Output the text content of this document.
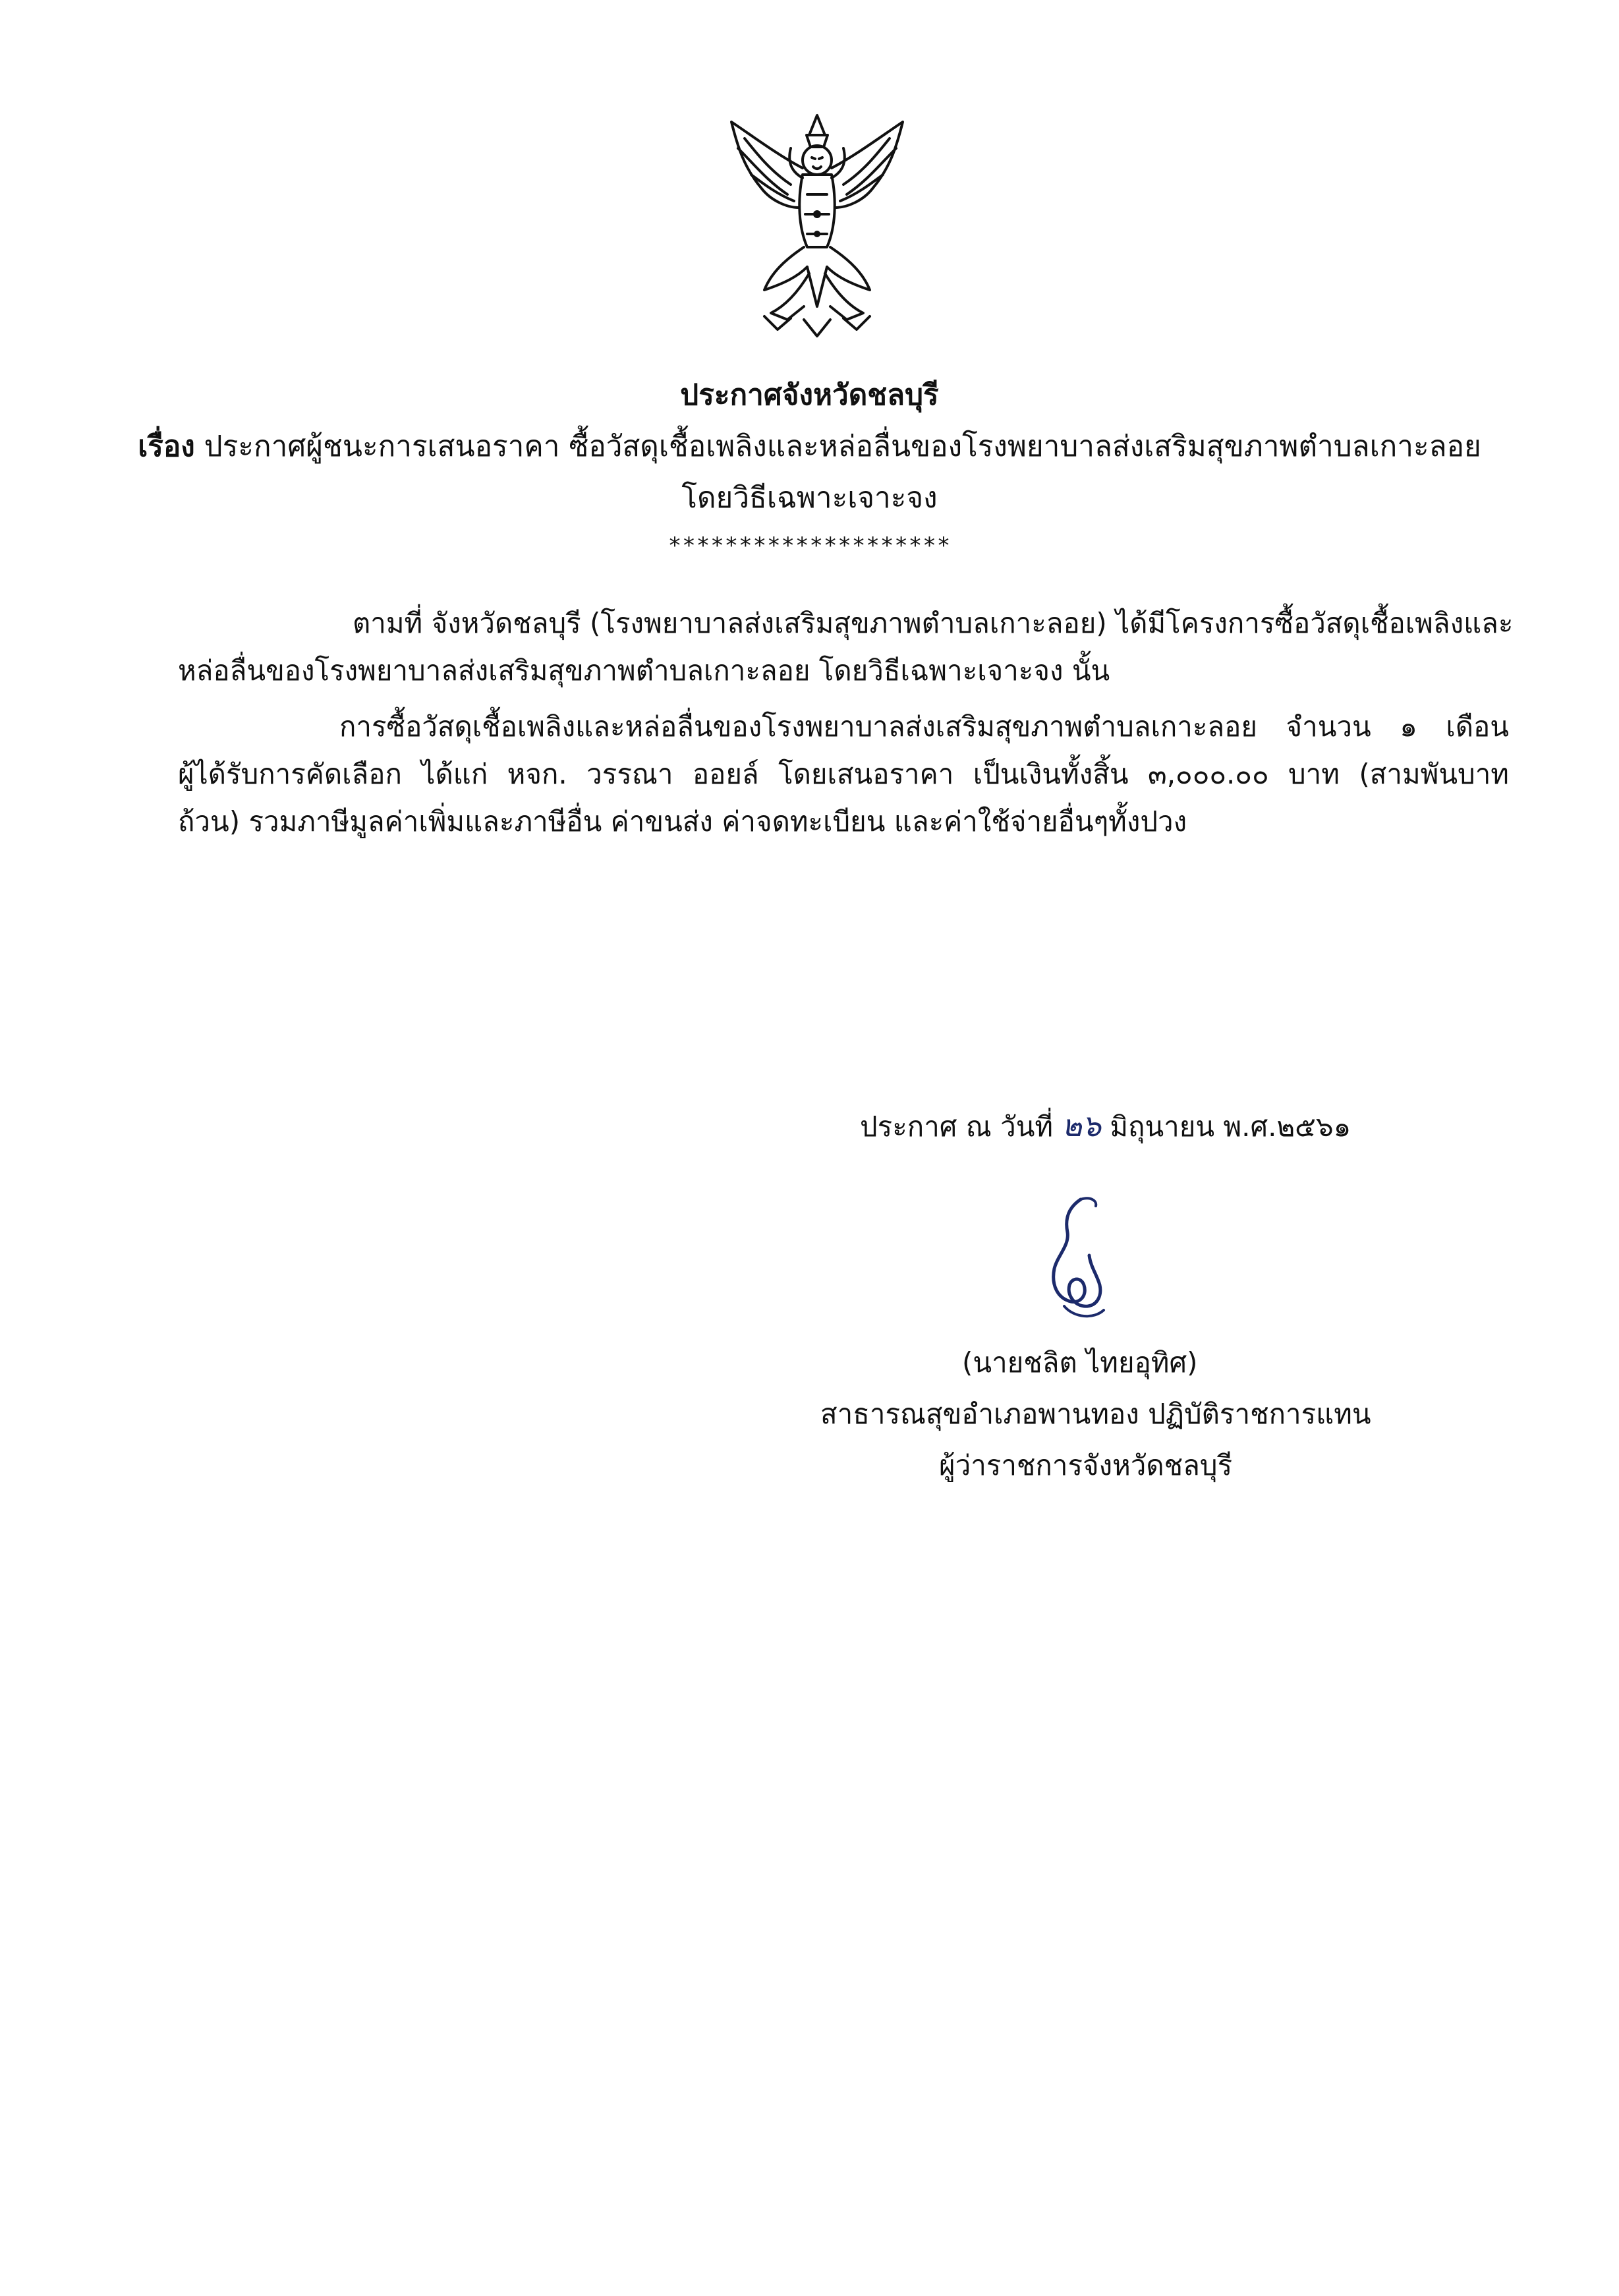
ประกาศจังหวัดชลบุรี
เรื่อง ประกาศผู้ชนะการเสนอราคา ซื้อวัสดุเชื้อเพลิงและหล่อลื่นของโรงพยาบาลส่งเสริมสุขภาพตำบลเกาะลอย
โดยวิธีเฉพาะเจาะจง
********************
ตามที่ จังหวัดชลบุรี (โรงพยาบาลส่งเสริมสุขภาพตำบลเกาะลอย) ได้มีโครงการซื้อวัสดุเชื้อเพลิงและ
หล่อลื่นของโรงพยาบาลส่งเสริมสุขภาพตำบลเกาะลอย โดยวิธีเฉพาะเจาะจง นั้น
การซื้อวัสดุเชื้อเพลิงและหล่อลื่นของโรงพยาบาลส่งเสริมสุขภาพตำบลเกาะลอย จำนวน ๑ เดือน
ผู้ได้รับการคัดเลือก ได้แก่ หจก. วรรณา ออยล์ โดยเสนอราคา เป็นเงินทั้งสิ้น ๓,๐๐๐.๐๐ บาท (สามพันบาท
ถ้วน) รวมภาษีมูลค่าเพิ่มและภาษีอื่น ค่าขนส่ง ค่าจดทะเบียน และค่าใช้จ่ายอื่นๆทั้งปวง
ประกาศ ณ วันที่ ๒๖ มิถุนายน พ.ศ.๒๕๖๑
(นายชลิต ไทยอุทิศ)
สาธารณสุขอำเภอพานทอง ปฏิบัติราชการแทน
ผู้ว่าราชการจังหวัดชลบุรี
